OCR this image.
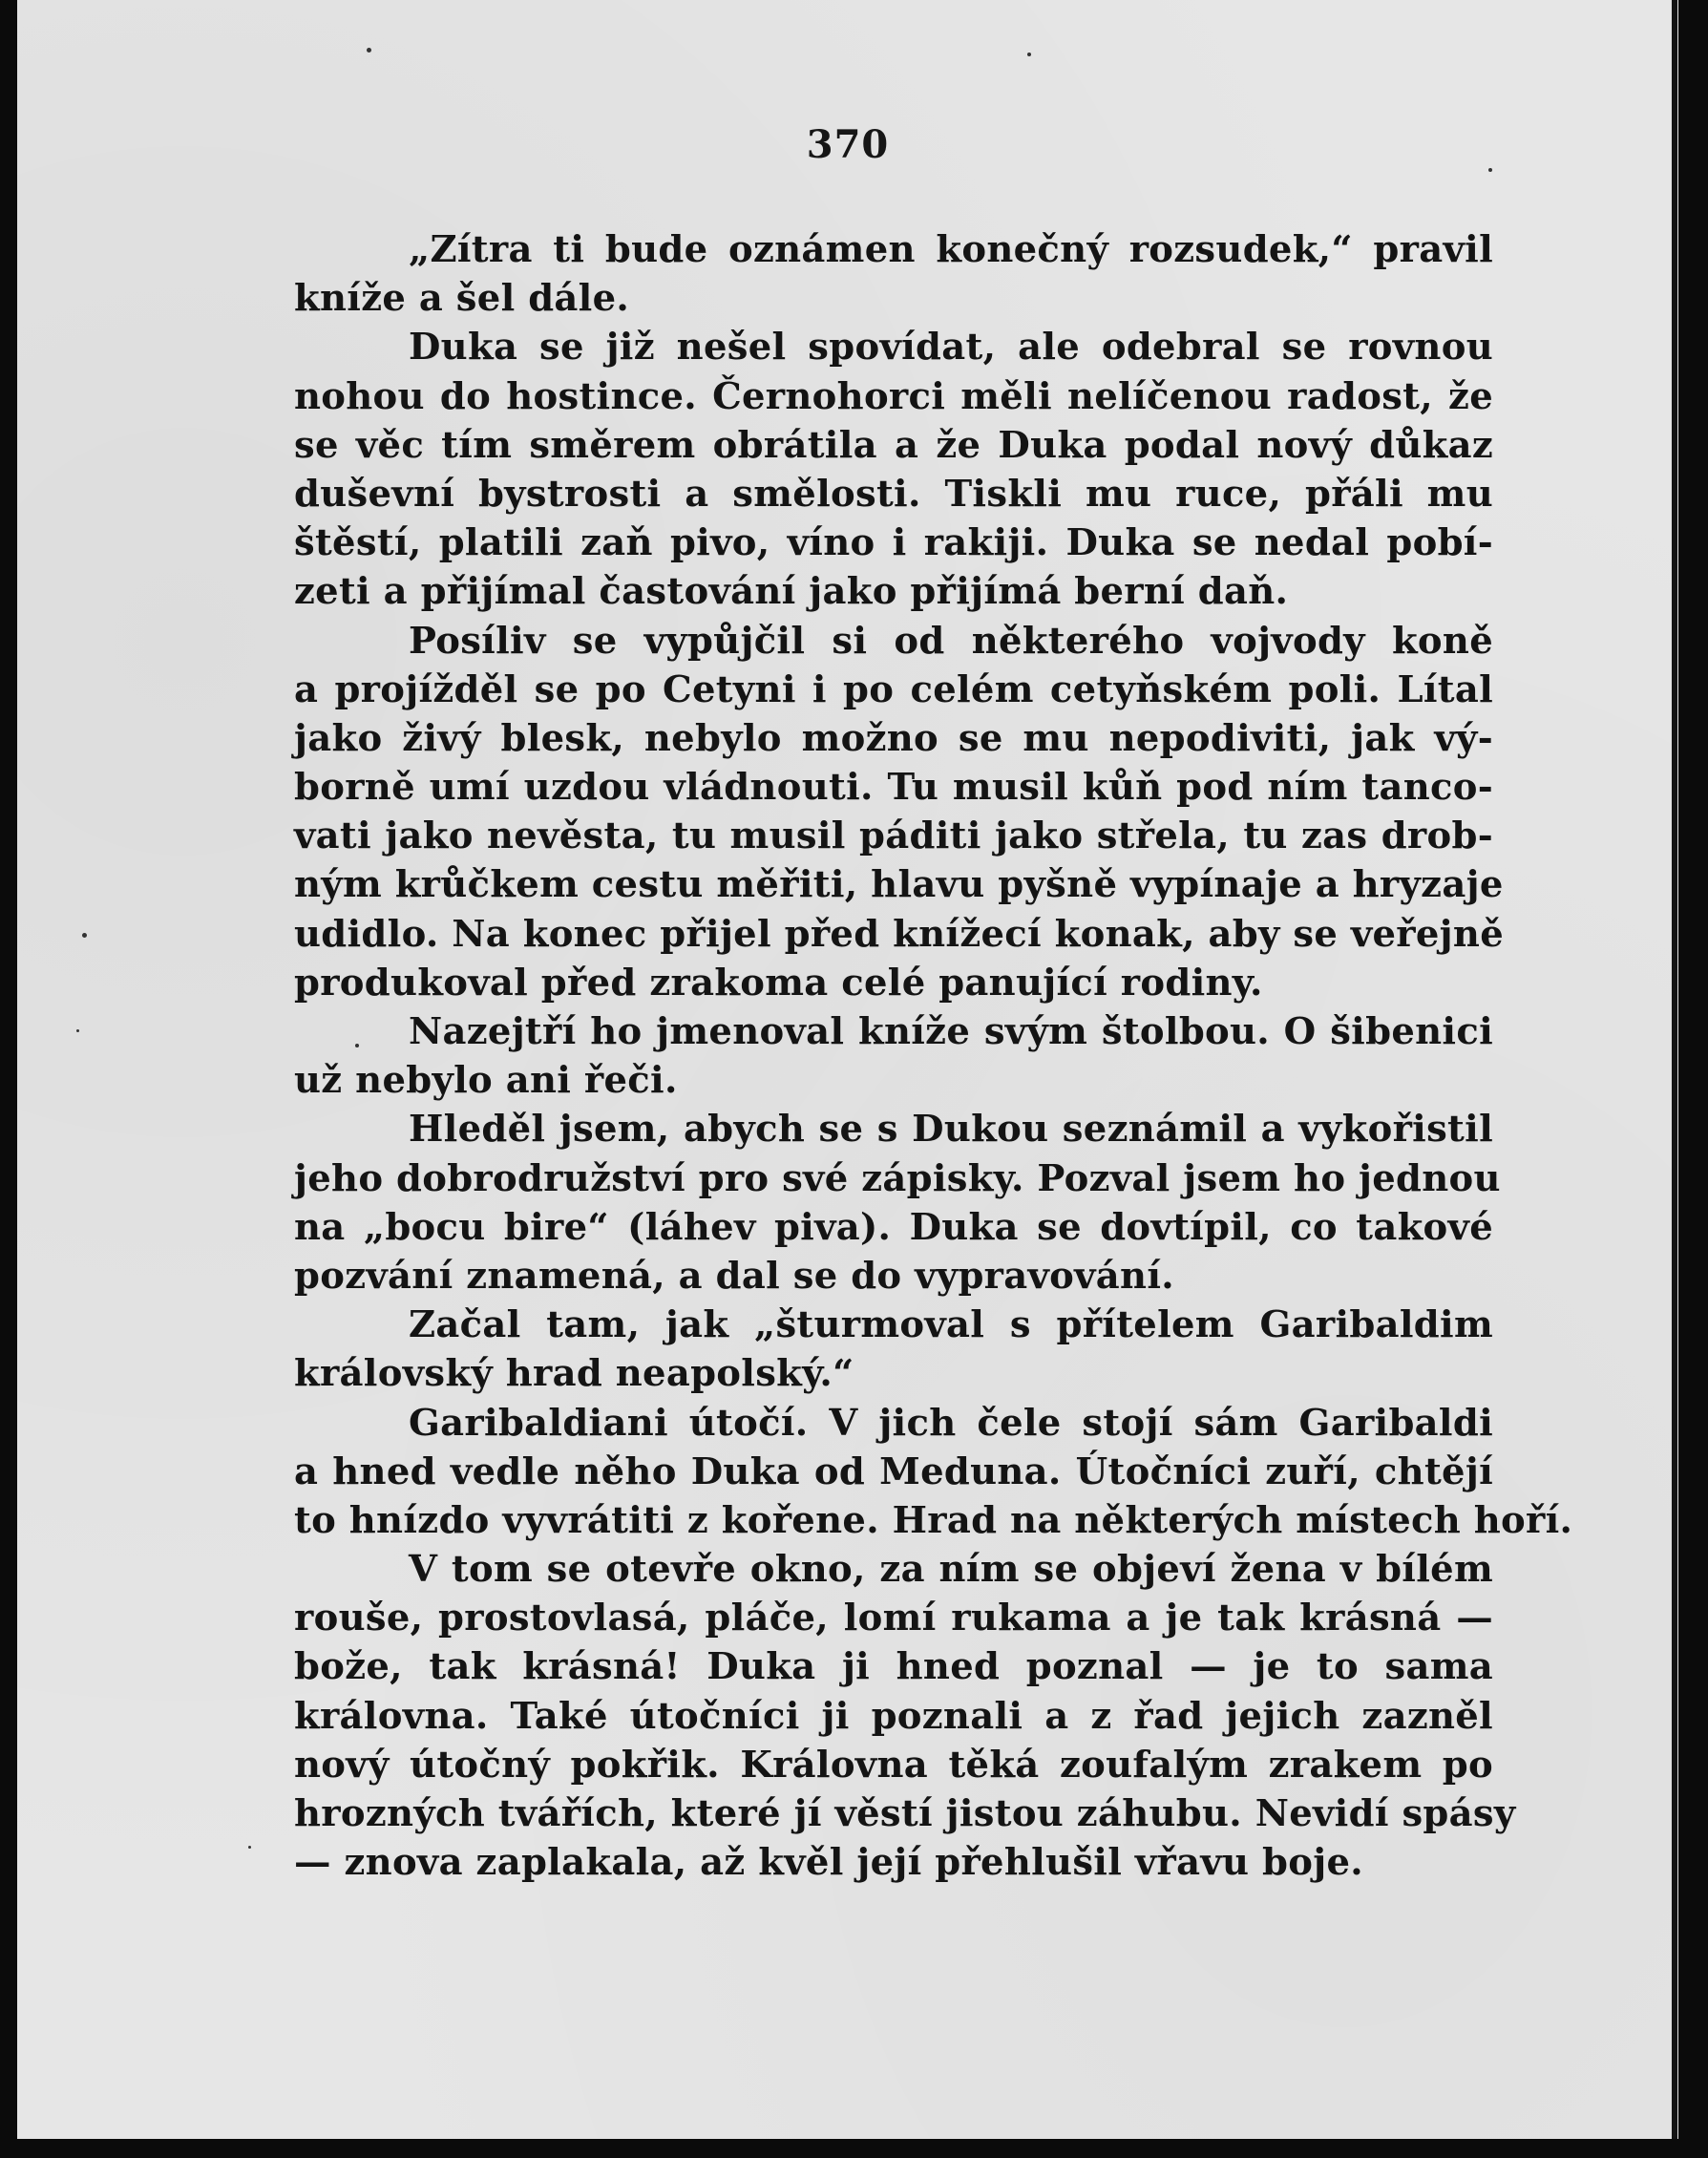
370
„Zítra ti bude oznámen konečný rozsudek,“ pravil
kníže a šel dále.
Duka se již nešel spovídat, ale odebral se rovnou
nohou do hostince. Černohorci měli nelíčenou radost, že
se věc tím směrem obrátila a že Duka podal nový důkaz
duševní bystrosti a smělosti. Tiskli mu ruce, přáli mu
štěstí, platili zaň pivo, víno i rakiji. Duka se nedal pobí-
zeti a přijímal častování jako přijímá berní daň.
Posíliv se vypůjčil si od některého vojvody koně
a projížděl se po Cetyni i po celém cetyňském poli. Lítal
jako živý blesk, nebylo možno se mu nepodiviti, jak vý-
borně umí uzdou vládnouti. Tu musil kůň pod ním tanco-
vati jako nevěsta, tu musil páditi jako střela, tu zas drob-
ným krůčkem cestu měřiti, hlavu pyšně vypínaje a hryzaje
udidlo. Na konec přijel před knížecí konak, aby se veřejně
produkoval před zrakoma celé panující rodiny.
Nazejtří ho jmenoval kníže svým štolbou. O šibenici
už nebylo ani řeči.
Hleděl jsem, abych se s Dukou seznámil a vykořistil
jeho dobrodružství pro své zápisky. Pozval jsem ho jednou
na „bocu bire“ (láhev piva). Duka se dovtípil, co takové
pozvání znamená, a dal se do vypravování.
Začal tam, jak „šturmoval s přítelem Garibaldim
královský hrad neapolský.“
Garibaldiani útočí. V jich čele stojí sám Garibaldi
a hned vedle něho Duka od Meduna. Útočníci zuří, chtějí
to hnízdo vyvrátiti z kořene. Hrad na některých místech hoří.
V tom se otevře okno, za ním se objeví žena v bílém
rouše, prostovlasá, pláče, lomí rukama a je tak krásná —
bože, tak krásná! Duka ji hned poznal — je to sama
královna. Také útočníci ji poznali a z řad jejich zazněl
nový útočný pokřik. Královna těká zoufalým zrakem po
hrozných tvářích, které jí věstí jistou záhubu. Nevidí spásy
— znova zaplakala, až kvěl její přehlušil vřavu boje.
